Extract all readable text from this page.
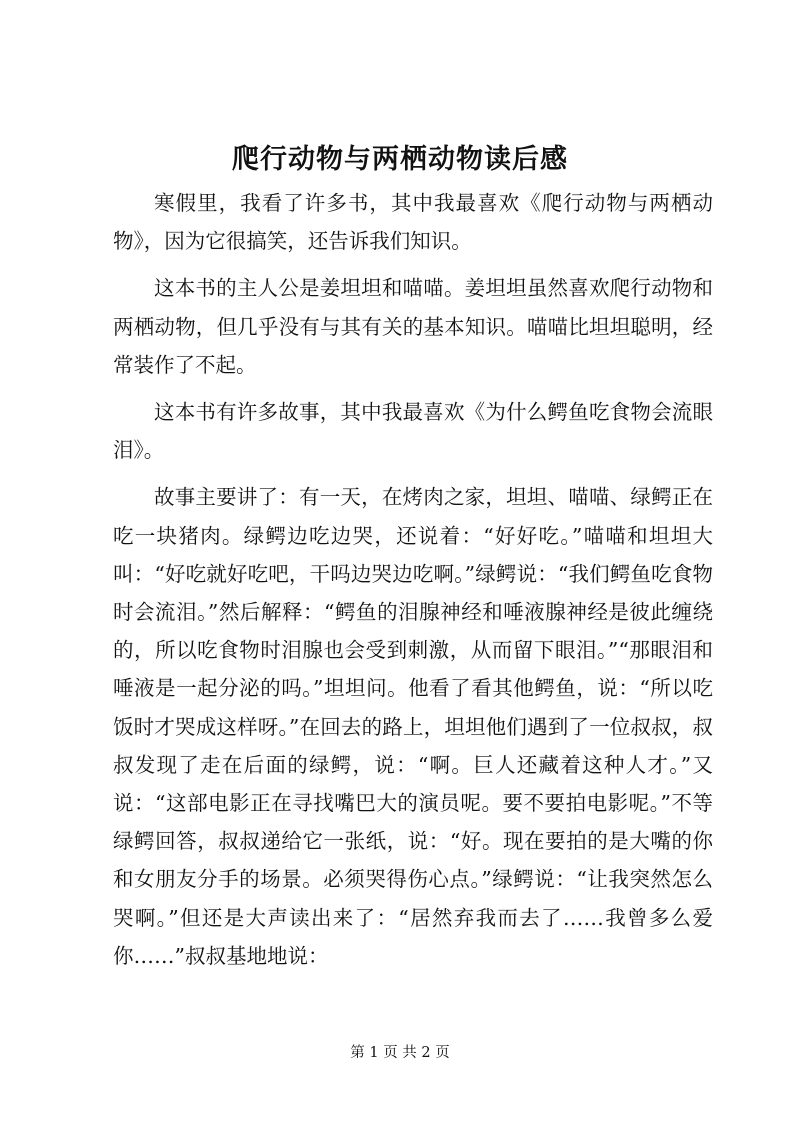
爬行动物与两栖动物读后感

寒假里，我看了许多书，其中我最喜欢《爬行动物与两栖动物》，因为它很搞笑，还告诉我们知识。

这本书的主人公是姜坦坦和喵喵。姜坦坦虽然喜欢爬行动物和两栖动物，但几乎没有与其有关的基本知识。喵喵比坦坦聪明，经常装作了不起。

这本书有许多故事，其中我最喜欢《为什么鳄鱼吃食物会流眼泪》。

故事主要讲了：有一天，在烤肉之家，坦坦、喵喵、绿鳄正在吃一块猪肉。绿鳄边吃边哭，还说着：“好好吃。”喵喵和坦坦大叫：“好吃就好吃吧，干吗边哭边吃啊。”绿鳄说：“我们鳄鱼吃食物时会流泪。”然后解释：“鳄鱼的泪腺神经和唾液腺神经是彼此缠绕的，所以吃食物时泪腺也会受到刺激，从而留下眼泪。”“那眼泪和唾液是一起分泌的吗。”坦坦问。他看了看其他鳄鱼，说：“所以吃饭时才哭成这样呀。”在回去的路上，坦坦他们遇到了一位叔叔，叔叔发现了走在后面的绿鳄，说：“啊。巨人还藏着这种人才。”又说：“这部电影正在寻找嘴巴大的演员呢。要不要拍电影呢。”不等绿鳄回答，叔叔递给它一张纸，说：“好。现在要拍的是大嘴的你和女朋友分手的场景。必须哭得伤心点。”绿鳄说：“让我突然怎么哭啊。”但还是大声读出来了：“居然弃我而去了……我曾多么爱你……”叔叔基地地说：

第 1 页 共 2 页
